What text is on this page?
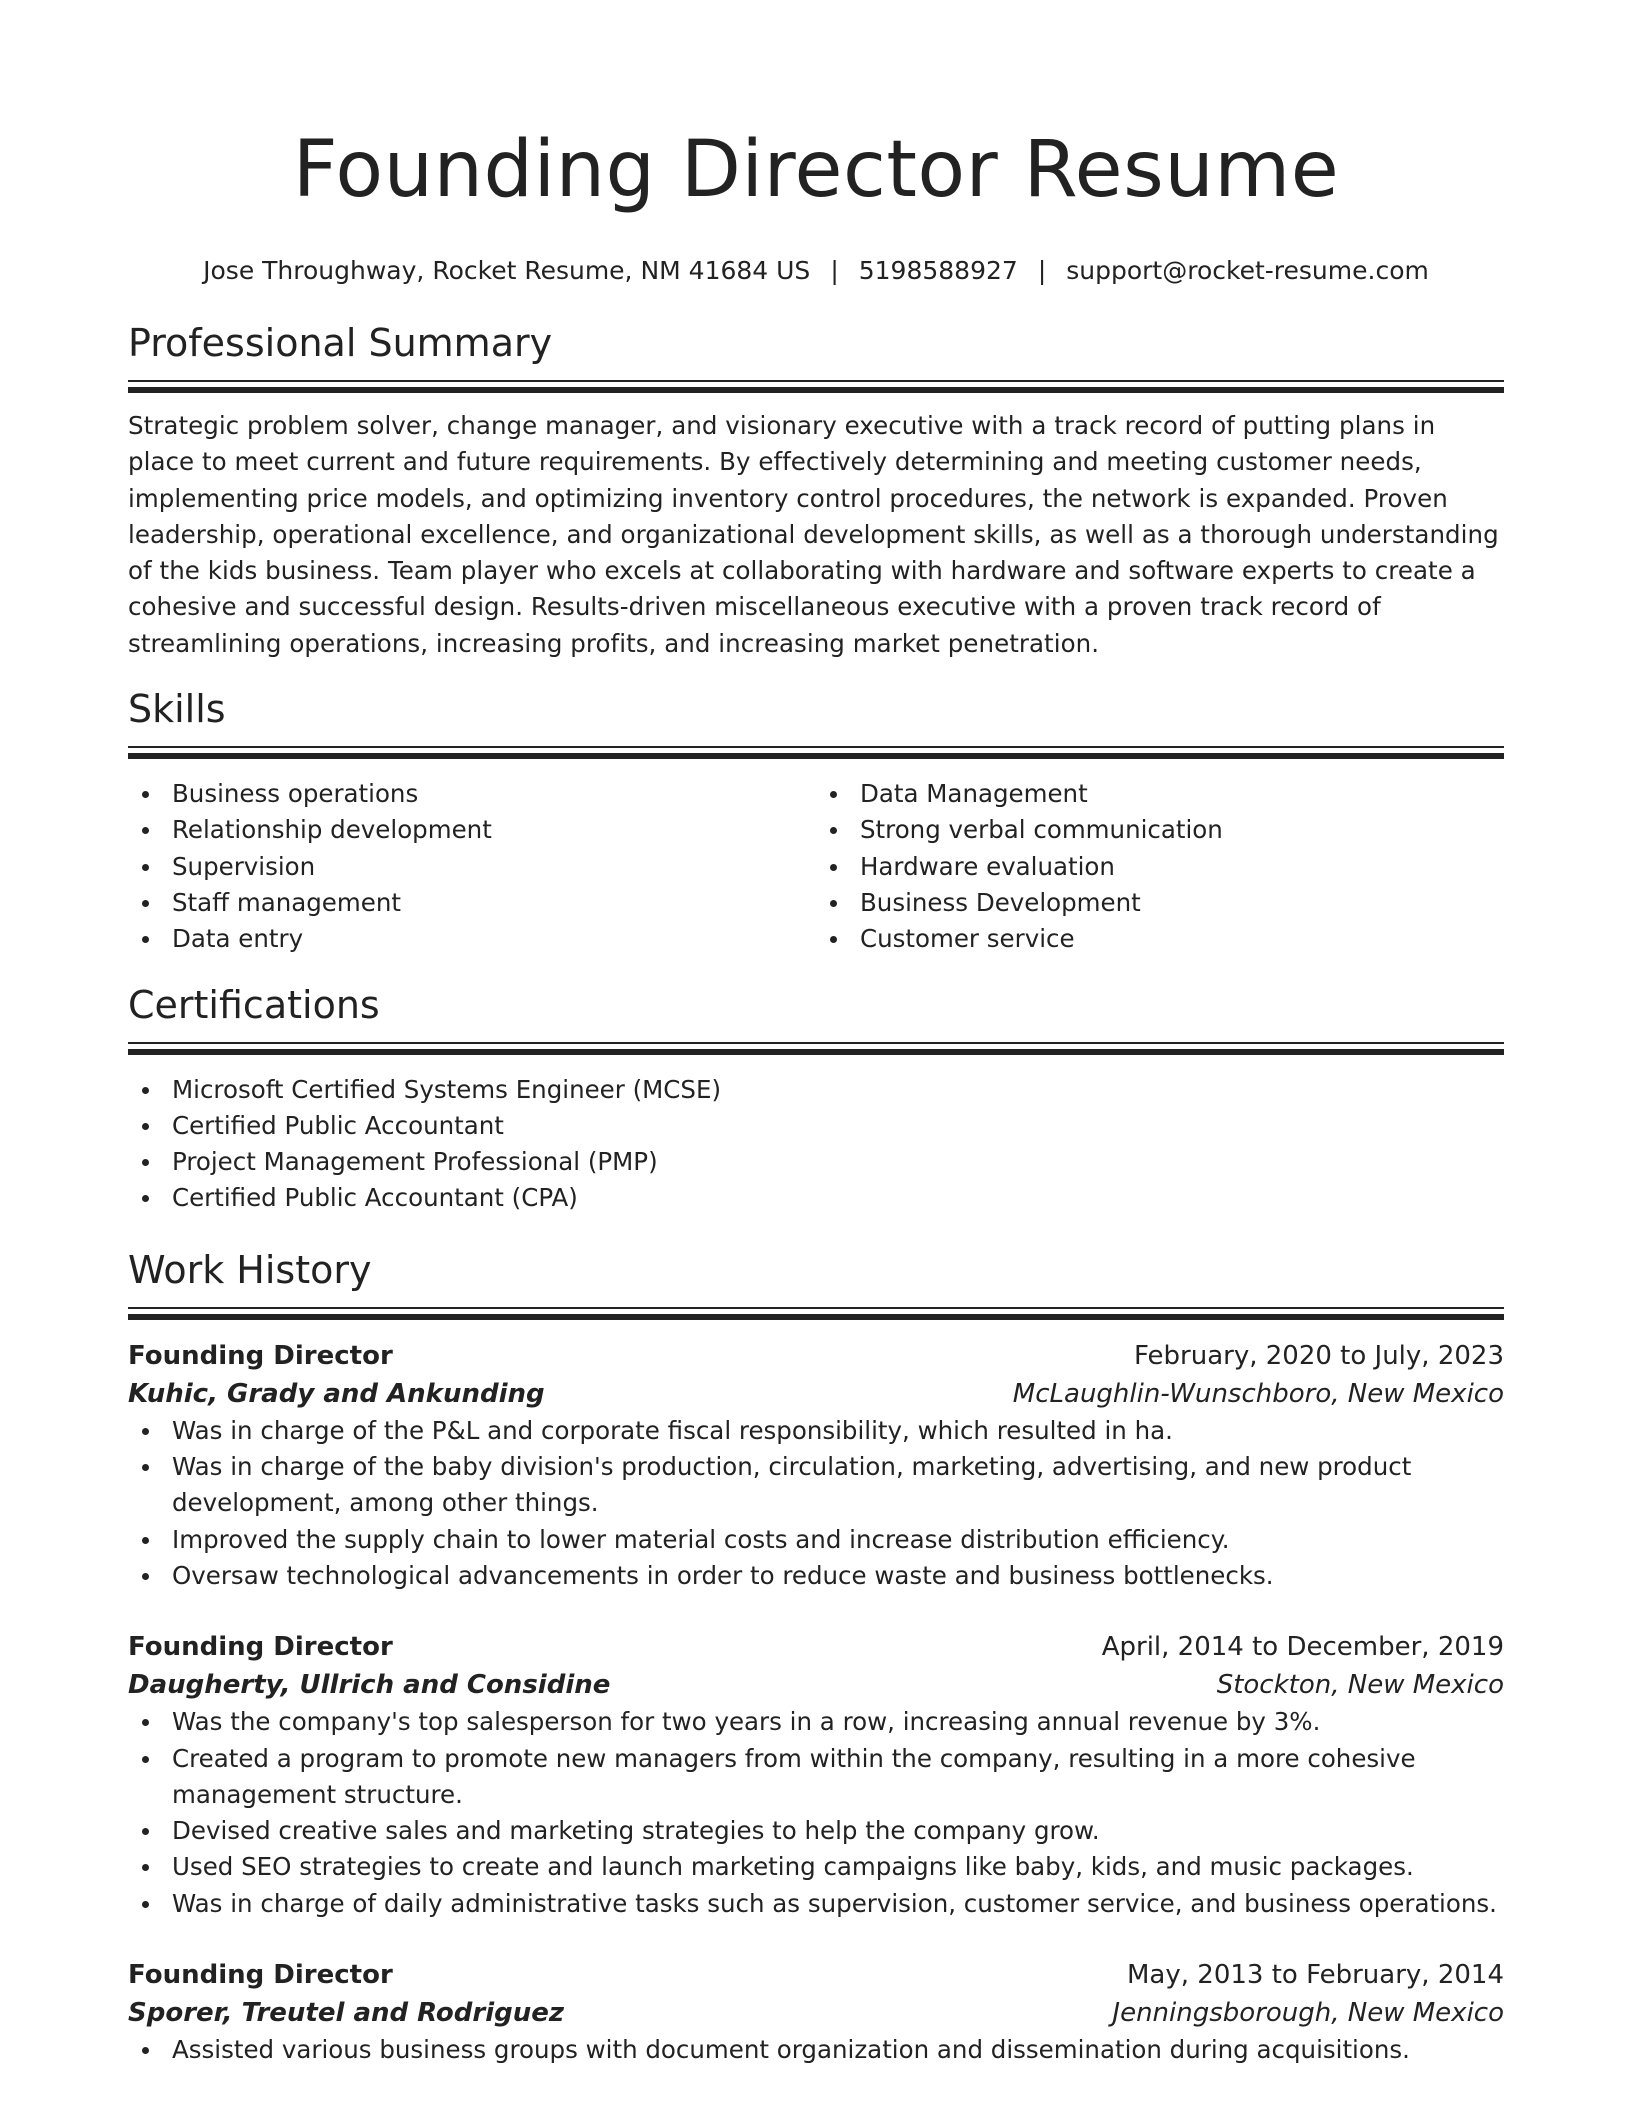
Founding Director Resume
Jose Throughway, Rocket Resume, NM 41684 US | 5198588927 | support@rocket-resume.com
Professional Summary

Strategic problem solver, change manager, and visionary executive with a track record of putting plans in place to meet current and future requirements. By effectively determining and meeting customer needs, implementing price models, and optimizing inventory control procedures, the network is expanded. Proven leadership, operational excellence, and organizational development skills, as well as a thorough understanding of the kids business. Team player who excels at collaborating with hardware and software experts to create a cohesive and successful design. Results-driven miscellaneous executive with a proven track record of streamlining operations, increasing profits, and increasing market penetration.

Skills
Business operations
Relationship development
Supervision
Staff management
Data entry
Data Management
Strong verbal communication
Hardware evaluation
Business Development
Customer service
Certifications
Microsoft Certified Systems Engineer (MCSE)
Certified Public Accountant
Project Management Professional (PMP)
Certified Public Accountant (CPA)
Work History
Founding Director	February, 2020 to July, 2023
Kuhic, Grady and Ankunding	McLaughlin-Wunschboro, New Mexico
Was in charge of the P&L and corporate fiscal responsibility, which resulted in ha.
Was in charge of the baby division's production, circulation, marketing, advertising, and new product development, among other things.
Improved the supply chain to lower material costs and increase distribution efficiency.
Oversaw technological advancements in order to reduce waste and business bottlenecks.
Founding Director	April, 2014 to December, 2019
Daugherty, Ullrich and Considine	Stockton, New Mexico
Was the company's top salesperson for two years in a row, increasing annual revenue by 3%.
Created a program to promote new managers from within the company, resulting in a more cohesive management structure.
Devised creative sales and marketing strategies to help the company grow.
Used SEO strategies to create and launch marketing campaigns like baby, kids, and music packages.
Was in charge of daily administrative tasks such as supervision, customer service, and business operations.
Founding Director	May, 2013 to February, 2014
Sporer, Treutel and Rodriguez	Jenningsborough, New Mexico
Assisted various business groups with document organization and dissemination during acquisitions.
